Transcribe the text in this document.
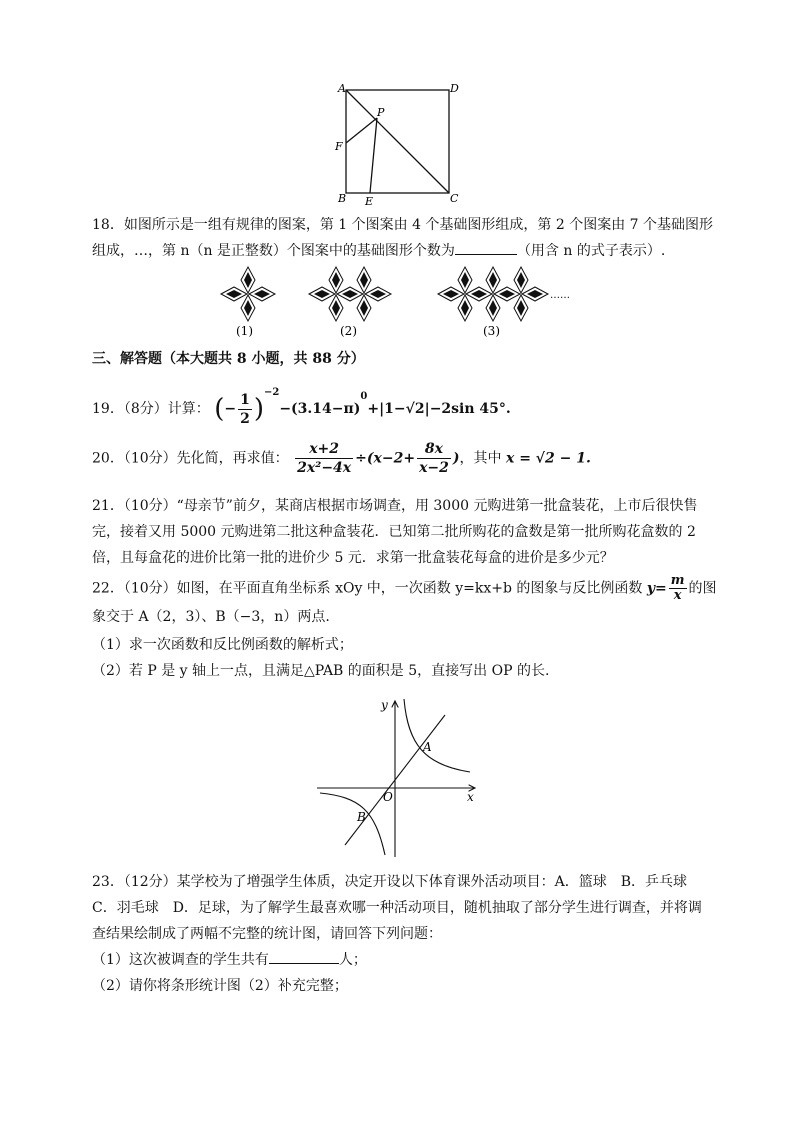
A	D
P
F
B E	C
18．如图所示是一组有规律的图案，第 1 个图案由 4 个基础图形组成，第 2 个图案由 7 个基础图形
组成，…，第 n（n 是正整数）个图案中的基础图形个数为	（用含 n 的式子表示）.
(1)	(2)	(3)
……
三、解答题（本大题共 8 小题，共 88 分）
19．（8分）计算： (− $\frac{1}{2} )^{-2}-(3.14-\pi)^0+|1-√2|-2\sin$ 45°.
20．（10分）先化简，再求值： $\frac{x+2}{\text{2x²−4x}} \div(x-2+ \frac{8x}{x-2}$ )，其中 x = √2 − 1.
21．（10分）“母亲节”前夕，某商店根据市场调查，用 3000 元购进第一批盒装花，上市后很快售
完，接着又用 5000 元购进第二批这种盒装花．已知第二批所购花的盒数是第一批所购花盒数的 2
倍，且每盒花的进价比第一批的进价少 5 元．求第一批盒装花每盒的进价是多少元？
22．（10分）如图，在平面直角坐标系 xOy 中，一次函数 y=kx+b 的图象与反比例函数 $y= \frac{m}{x}$ 的图
象交于 A（2，3）、B（−3，n）两点.
（1）求一次函数和反比例函数的解析式；
（2）若 P 是 y 轴上一点，且满足△PAB 的面积是 5，直接写出 OP 的长.
y
x
O
A
B
23．（12分）某学校为了增强学生体质，决定开设以下体育课外活动项目：A．篮球　B．乒乓球
C．羽毛球　D．足球，为了解学生最喜欢哪一种活动项目，随机抽取了部分学生进行调查，并将调
查结果绘制成了两幅不完整的统计图，请回答下列问题：
（1）这次被调查的学生共有	人；
（2）请你将条形统计图（2）补充完整；
